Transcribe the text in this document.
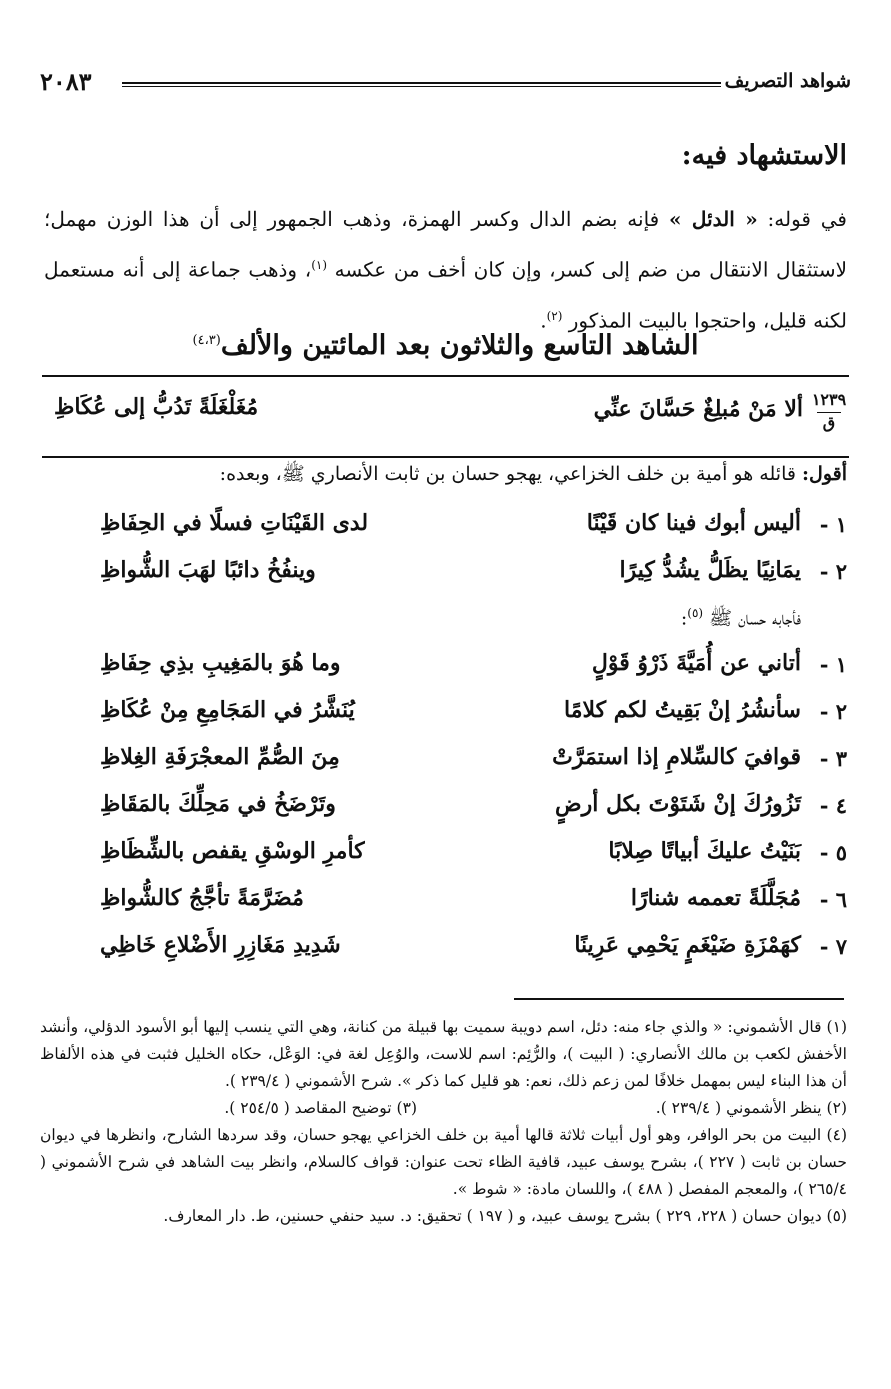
شواهد التصريف
٢٠٨٣
الاستشهاد فيه:

في قوله: « الدئل » فإنه بضم الدال وكسر الهمزة، وذهب الجمهور إلى أن هذا الوزن مهمل؛ لاستثقال الانتقال من ضم إلى كسر، وإن كان أخف من عكسه $^{(١)}$، وذهب جماعة إلى أنه مستعمل لكنه قليل، واحتجوا بالبيت المذكور $^{(٢)}$.

الشاهد التاسع والثلاثون بعد المائتين والألف$^{(٤،٣)}$
١٢٣٩
ق
ألا مَنْ مُبلِغٌ حَسَّانَ عنِّي
مُغَلْغَلَةً تَدُبُّ إلى عُكَاظِ
أقول: قائله هو أمية بن خلف الخزاعي، يهجو حسان بن ثابت الأنصاري ﷺ، وبعده:
١ -
أليس أبوك فينا كان قَيْنًا
لدى القَيْنَاتِ فسلًا في الحِفَاظِ
٢ -
يمَانِيًا يظَلُّ يشُدُّ كِيرًا
وينفُخُ دائبًا لهَبَ الشُّواظِ
فأجابه حسان ﷺ $^{(٥)}$:
١ -
أتاني عن أُمَيَّةَ ذَرْوُ قَوْلٍ
وما هُوَ بالمَغِيبِ بذِي حِفَاظِ
٢ -
سأنشُرُ إنْ بَقِيتُ لكم كلامًا
يُنَشَّرُ في المَجَامِعِ مِنْ عُكَاظِ
٣ -
قوافيَ كالسِّلامِ إذا استمَرَّتْ
مِنَ الصُّمِّ المعجْرَفَةِ الغِلاظِ
٤ -
تَزُورُكَ إنْ شَتَوْتَ بكل أرضٍ
وتَرْضَخُ في مَحِلِّكَ بالمَقَاظِ
٥ -
بَنَيْتُ عليكَ أبياتًا صِلابًا
كأمرِ الوسْقِ يقفص بالشِّظَاظِ
٦ -
مُجَلَّلَةً تعممه شنارًا
مُضَرَّمَةً تأجَّجُ كالشُّواظِ
٧ -
كهَمْزَةِ ضَيْغَمٍ يَحْمِي عَرِينًا
شَدِيدِ مَغَازِرِ الأَضْلاعِ خَاظِي
(١) قال الأشموني: « والذي جاء منه: دئل، اسم دويبة سميت بها قبيلة من كنانة، وهي التي ينسب إليها أبو الأسود الدؤلي، وأنشد الأخفش لكعب بن مالك الأنصاري: ( البيت )، والرُّئِم: اسم للاست، والوُعِل لغة في: الوَعْل، حكاه الخليل فثبت في هذه الألفاظ أن هذا البناء ليس بمهمل خلافًا لمن زعم ذلك، نعم: هو قليل كما ذكر ». شرح الأشموني ( ٢٣٩/٤ ).
(٢) ينظر الأشموني ( ٢٣٩/٤ ).
(٣) توضيح المقاصد ( ٢٥٤/٥ ).
(٤) البيت من بحر الوافر، وهو أول أبيات ثلاثة قالها أمية بن خلف الخزاعي يهجو حسان، وقد سردها الشارح، وانظرها في ديوان حسان بن ثابت ( ٢٢٧ )، بشرح يوسف عبيد، قافية الظاء تحت عنوان: قواف كالسلام، وانظر بيت الشاهد في شرح الأشموني ( ٢٦٥/٤ )، والمعجم المفصل ( ٤٨٨ )، واللسان مادة: « شوط ».
(٥) ديوان حسان ( ٢٢٨، ٢٢٩ ) بشرح يوسف عبيد، و ( ١٩٧ ) تحقيق: د. سيد حنفي حسنين، ط. دار المعارف.
